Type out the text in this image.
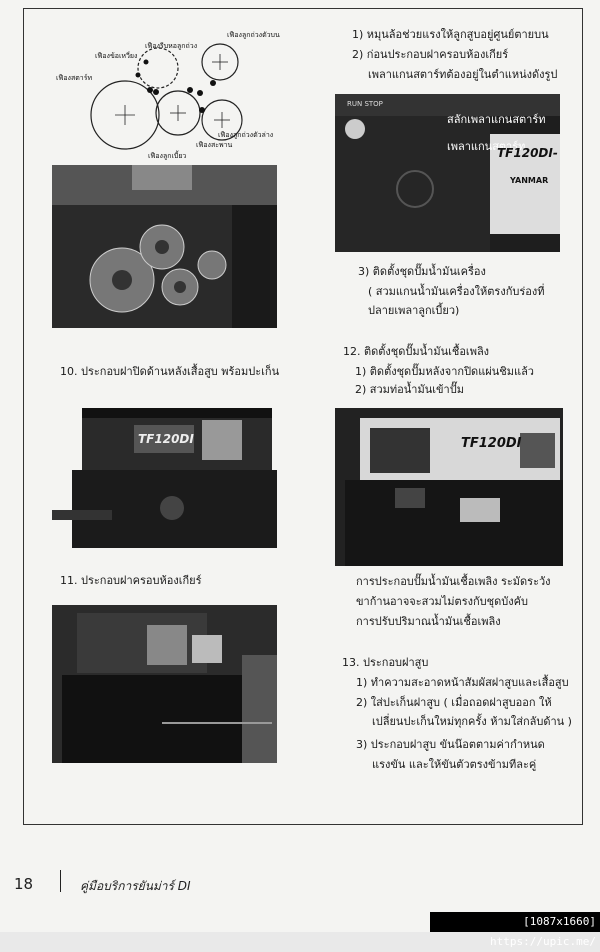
เฟืองลูกถ่วงตัวบน
เฟืองรีบหอลูกถ่วง
เฟืองข้อเหวี่ยง
เฟืองสตาร์ท
เฟืองลูกถ่วงตัวล่าง
เฟืองสะพาน
เฟืองลูกเบี้ยว
10. ประกอบฝาปิดด้านหลังเสื้อสูบ พร้อมปะเก็น
TF120DI
11. ประกอบฝาครอบห้องเกียร์
1) หมุนล้อช่วยแรงให้ลูกสูบอยู่ศูนย์ตายบน
2) ก่อนประกอบฝาครอบห้องเกียร์
เพลาแกนสตาร์ทต้องอยู่ในตำแหน่งดังรูป
RUN STOP
สลักเพลาแกนสตาร์ท
เพลาแกนสตาร์ท
TF120DI-
YANMAR
3) ติดตั้งชุดปั๊มน้ำมันเครื่อง
( สวมแกนน้ำมันเครื่องให้ตรงกับร่องที่
ปลายเพลาลูกเบี้ยว)
12. ติดตั้งชุดปั๊มน้ำมันเชื้อเพลิง
1) ติดตั้งชุดปั๊มหลังจากปิดแผ่นชิมแล้ว
2) สวมท่อน้ำมันเข้าปั๊ม
TF120DI
การประกอบปั๊มน้ำมันเชื้อเพลิง ระมัดระวัง
ขาก้านอาจจะสวมไม่ตรงกับชุดบังคับ
การปรับปริมาณน้ำมันเชื้อเพลิง
13. ประกอบฝาสูบ
1) ทำความสะอาดหน้าสัมผัสฝาสูบและเสื้อสูบ
2) ใส่ปะเก็นฝาสูบ ( เมื่อถอดฝาสูบออก ให้
เปลี่ยนปะเก็นใหม่ทุกครั้ง ห้ามใส่กลับด้าน )
3) ประกอบฝาสูบ ขันน๊อตตามค่ากำหนด
แรงขัน และให้ขันตัวตรงข้ามทีละคู่
18	คู่มือบริการยันม่าร์ DI
[1087x1660] https://upic.me/
